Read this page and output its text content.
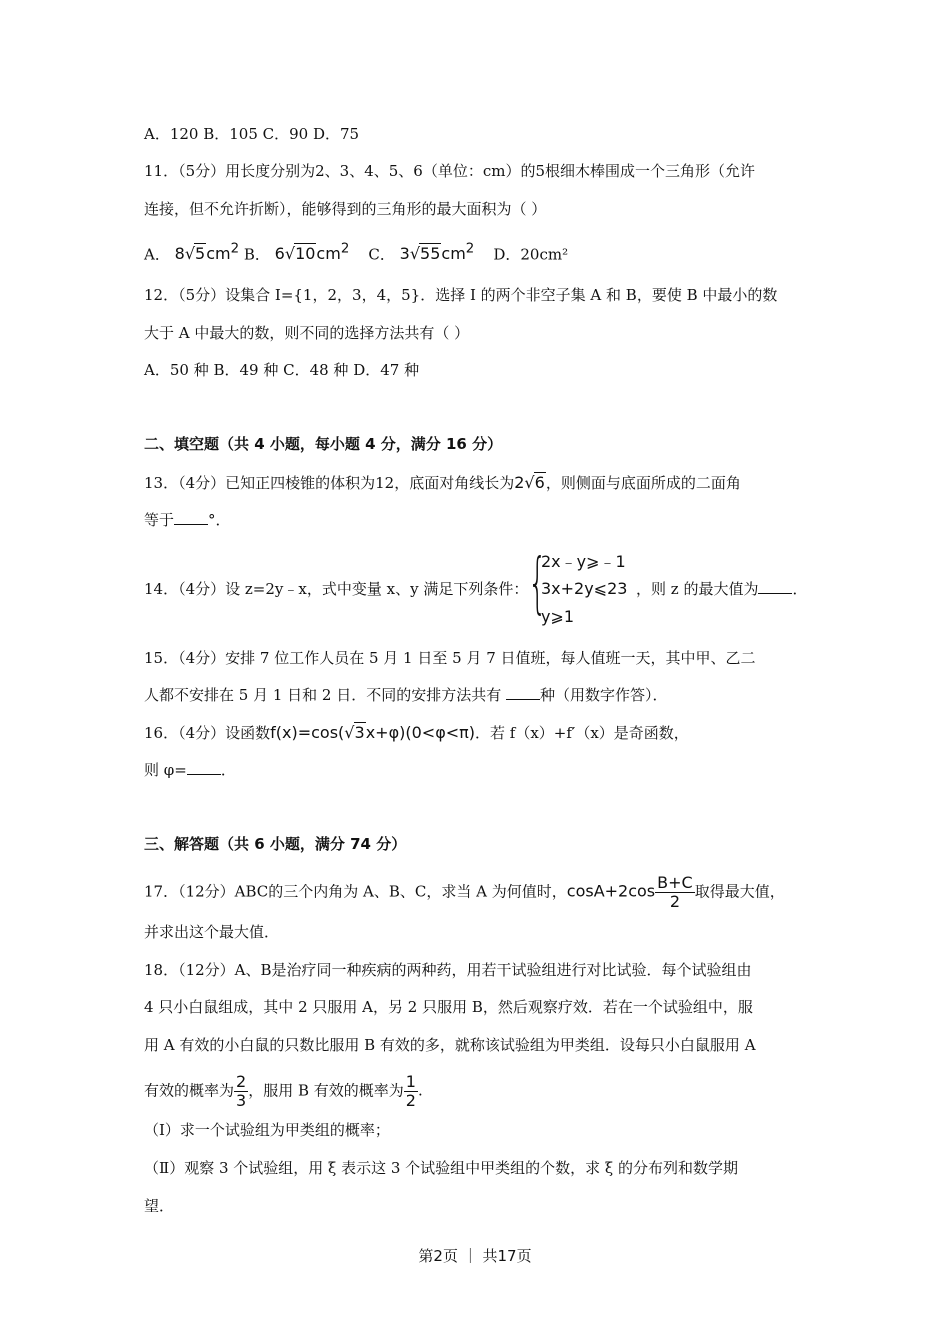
A．120 B．105 C．90 D．75
11．（5分）用长度分别为2、3、4、5、6（单位：cm）的5根细木棒围成一个三角形（允许
连接，但不允许折断），能够得到的三角形的最大面积为（ ）
A． $8√5cm^2$ B． $6√10cm^2$ C． $3√55cm^2$ D．20cm²
12．（5分）设集合 I={1，2，3，4，5}．选择 I 的两个非空子集 A 和 B，要使 B 中最小的数
大于 A 中最大的数，则不同的选择方法共有（ ）
A．50 种 B．49 种 C．48 种 D．47 种
二、填空题（共 4 小题，每小题 4 分，满分 16 分）
13．（4分）已知正四棱锥的体积为12，底面对角线长为2√6，则侧面与底面所成的二面角
等于 °．
14．（4分）设 z=2y﹣x，式中变量 x、y 满足下列条件： {
2x﹣y⩾﹣1
3x+2y⩽23
y⩾1
，则 z 的最大值为 ．
15．（4分）安排 7 位工作人员在 5 月 1 日至 5 月 7 日值班，每人值班一天，其中甲、乙二
人都不安排在 5 月 1 日和 2 日．不同的安排方法共有 种（用数字作答）．
16．（4分）设函数f(x)=cos(√3x+φ)(0<φ<π)．若 f（x）+f′（x）是奇函数，
则 φ= ．
三、解答题（共 6 小题，满分 74 分）
17．（12分）ABC的三个内角为 A、B、C，求当 A 为何值时，$\cos A+2\cos \frac{B+C}{2}$ 取得最大值，
并求出这个最大值．
18．（12分）A、B是治疗同一种疾病的两种药，用若干试验组进行对比试验．每个试验组由
4 只小白鼠组成，其中 2 只服用 A，另 2 只服用 B，然后观察疗效．若在一个试验组中，服
用 A 有效的小白鼠的只数比服用 B 有效的多，就称该试验组为甲类组．设每只小白鼠服用 A
有效的概率为 $\frac{2}{3}$ ，服用 B 有效的概率为 $\frac{1}{2}$ .
（Ⅰ）求一个试验组为甲类组的概率；
（Ⅱ）观察 3 个试验组，用 ξ 表示这 3 个试验组中甲类组的个数，求 ξ 的分布列和数学期
望．
第2页 ｜ 共17页
